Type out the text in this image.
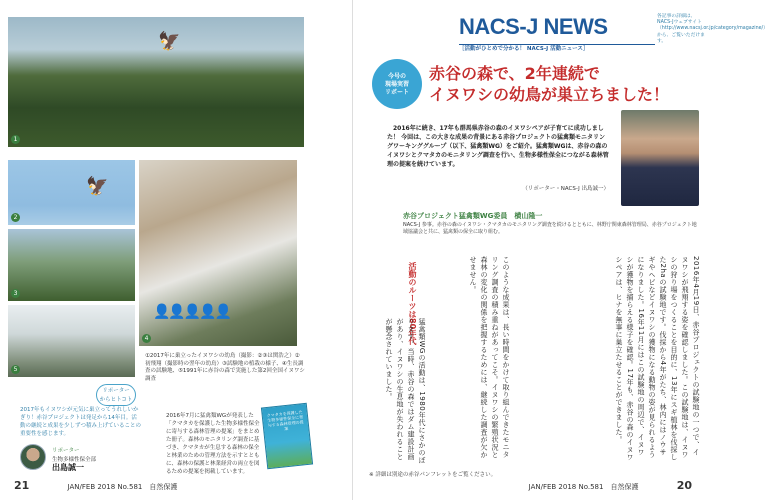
🦅
1
🦅
2
3
👤👤👤👤👤
4
5
①2017年に巣立ったイヌワシの幼鳥（撮影：②③は関浩之）②初飛翔（撮影時の翌年の幼鳥）③試験地の植栽の様子、④生長調査の試験地、⑤1991年に赤谷の森で実施した第2回全国イヌワシ調査
リポーター
からヒトコト
2017年もイヌワシが元気に巣立ってうれしいかぎり！赤谷プロジェクトは発足から14年目。活動の継続と成果を少しずつ積み上げていることの重要性を感じます。
リポーター
生物多様性保全部
出島誠一
2016年7月に猛禽類WGが発表した「クマタカを保護した生物多様性保全に寄与する森林管理の提案」をまとめた冊子。森林のモニタリング調査に基づき、クマタカが生息する森林の保全と林業のための管理方法を示すとともに、森林の保護と林業経営の両立を図るための提案を掲載しています。
クマタカを保護した生物多様性保全に寄与する森林管理の提案
21	JAN/FEB 2018 No.581　自然保護
各記事の詳細は、NACS-Jウェブサイト（http://www.nacsj.or.jp/category/magazine/）から、ご覧いただけます。
NACS-J NEWS
［活動がひとめで分かる！ NACS-J 活動ニュース］
今号の
現場実習
リポート
赤谷の森で、2年連続で
イヌワシの幼鳥が巣立ちました！
2016年に続き、17年も群馬県赤谷の森のイヌワシペアが子育てに成功しました！ 今回は、この大きな成果の背景にある赤谷プロジェクトの猛禽類モニタリングワーキンググループ（以下、猛禽類WG）をご紹介。猛禽類WGは、赤谷の森のイヌワシとクマタカのモニタリング調査を行い、生物多様性保全につながる森林管理の提案を続けています。
（リポーター・NACS-J 出島誠一）
赤谷プロジェクト猛禽類WG委員　横山隆一
NACS-J 参事。赤谷の森のイヌワシ・クマタカのモニタリング調査を続けるとともに、林野庁関東森林管理局、赤谷プロジェクト地域協議会と共に、猛禽類の保全に取り組む。
2016年4月19日、赤谷プロジェクトの試験地の一つで、イヌワシが飛翔する姿を確認しました。この試験地は、イヌワシの狩り場をつくることを目的に、13年にスギ植林を伐採した2haの試験地です。伐採から4年がたち、林内にはノウサギやヘビなどイヌワシの獲物になる動物の姿が見られるようになりました。16年11月にはこの試験地の周辺で、イヌワシが獲物を捕らえる様子を確認。17年も、赤谷の森のイヌワシペアは、ヒナを無事に巣立たせることができました。
このような成果は、長い時間をかけて取り組んできたモニタリング調査の積み重ねがあってこそ。イヌワシの繁殖状況と森林の変化の関係を把握するためには、継続した調査が欠かせません。
活動のルーツは80年代
猛禽類WGの活動は、1980年代にさかのぼります。当時、赤谷の森ではダム建設計画があり、イヌワシの生息地が失われることが懸念されていました。
※ 詳細は別途の赤谷パンフレットをご覧ください。
JAN/FEB 2018 No.581　自然保護	20
